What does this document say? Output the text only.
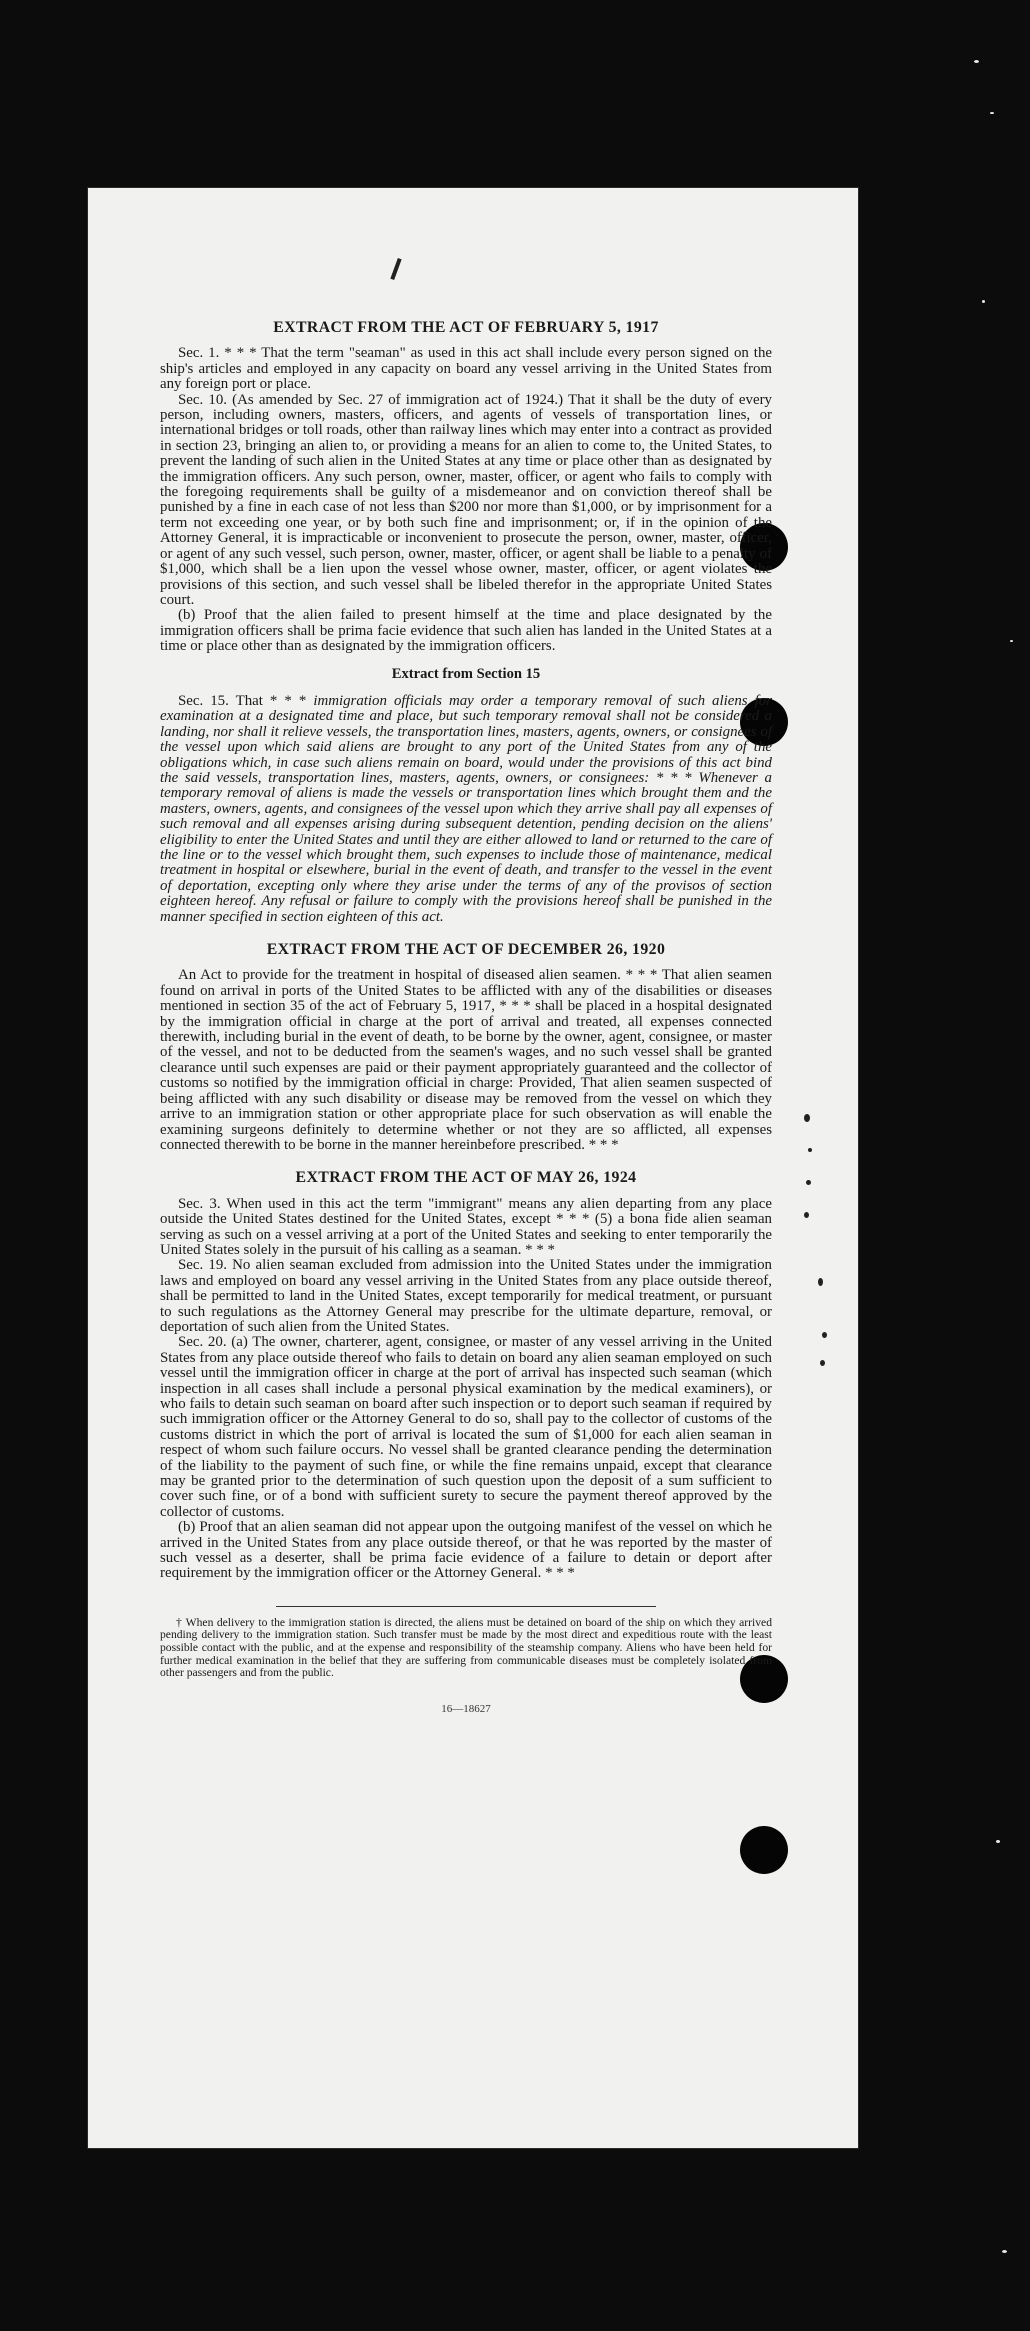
EXTRACT FROM THE ACT OF FEBRUARY 5, 1917

Sec. 1. * * * That the term "seaman" as used in this act shall include every person signed on the ship's articles and employed in any capacity on board any vessel arriving in the United States from any foreign port or place.

Sec. 10. (As amended by Sec. 27 of immigration act of 1924.) That it shall be the duty of every person, including owners, masters, officers, and agents of vessels of transportation lines, or international bridges or toll roads, other than railway lines which may enter into a contract as provided in section 23, bringing an alien to, or providing a means for an alien to come to, the United States, to prevent the landing of such alien in the United States at any time or place other than as designated by the immigration officers. Any such person, owner, master, officer, or agent who fails to comply with the foregoing requirements shall be guilty of a misdemeanor and on conviction thereof shall be punished by a fine in each case of not less than $200 nor more than $1,000, or by imprisonment for a term not exceeding one year, or by both such fine and imprisonment; or, if in the opinion of the Attorney General, it is impracticable or inconvenient to prosecute the person, owner, master, officer, or agent of any such vessel, such person, owner, master, officer, or agent shall be liable to a penalty of $1,000, which shall be a lien upon the vessel whose owner, master, officer, or agent violates the provisions of this section, and such vessel shall be libeled therefor in the appropriate United States court.

(b) Proof that the alien failed to present himself at the time and place designated by the immigration officers shall be prima facie evidence that such alien has landed in the United States at a time or place other than as designated by the immigration officers.

Extract from Section 15

Sec. 15. That * * * immigration officials may order a temporary removal of such aliens for examination at a designated time and place, but such temporary removal shall not be considered a landing, nor shall it relieve vessels, the transportation lines, masters, agents, owners, or consignees of the vessel upon which said aliens are brought to any port of the United States from any of the obligations which, in case such aliens remain on board, would under the provisions of this act bind the said vessels, transportation lines, masters, agents, owners, or consignees: * * * Whenever a temporary removal of aliens is made the vessels or transportation lines which brought them and the masters, owners, agents, and consignees of the vessel upon which they arrive shall pay all expenses of such removal and all expenses arising during subsequent detention, pending decision on the aliens' eligibility to enter the United States and until they are either allowed to land or returned to the care of the line or to the vessel which brought them, such expenses to include those of maintenance, medical treatment in hospital or elsewhere, burial in the event of death, and transfer to the vessel in the event of deportation, excepting only where they arise under the terms of any of the provisos of section eighteen hereof. Any refusal or failure to comply with the provisions hereof shall be punished in the manner specified in section eighteen of this act.

EXTRACT FROM THE ACT OF DECEMBER 26, 1920

An Act to provide for the treatment in hospital of diseased alien seamen. * * * That alien seamen found on arrival in ports of the United States to be afflicted with any of the disabilities or diseases mentioned in section 35 of the act of February 5, 1917, * * * shall be placed in a hospital designated by the immigration official in charge at the port of arrival and treated, all expenses connected therewith, including burial in the event of death, to be borne by the owner, agent, consignee, or master of the vessel, and not to be deducted from the seamen's wages, and no such vessel shall be granted clearance until such expenses are paid or their payment appropriately guaranteed and the collector of customs so notified by the immigration official in charge: Provided, That alien seamen suspected of being afflicted with any such disability or disease may be removed from the vessel on which they arrive to an immigration station or other appropriate place for such observation as will enable the examining surgeons definitely to determine whether or not they are so afflicted, all expenses connected therewith to be borne in the manner hereinbefore prescribed. * * *

EXTRACT FROM THE ACT OF MAY 26, 1924

Sec. 3. When used in this act the term "immigrant" means any alien departing from any place outside the United States destined for the United States, except * * * (5) a bona fide alien seaman serving as such on a vessel arriving at a port of the United States and seeking to enter temporarily the United States solely in the pursuit of his calling as a seaman. * * *

Sec. 19. No alien seaman excluded from admission into the United States under the immigration laws and employed on board any vessel arriving in the United States from any place outside thereof, shall be permitted to land in the United States, except temporarily for medical treatment, or pursuant to such regulations as the Attorney General may prescribe for the ultimate departure, removal, or deportation of such alien from the United States.

Sec. 20. (a) The owner, charterer, agent, consignee, or master of any vessel arriving in the United States from any place outside thereof who fails to detain on board any alien seaman employed on such vessel until the immigration officer in charge at the port of arrival has inspected such seaman (which inspection in all cases shall include a personal physical examination by the medical examiners), or who fails to detain such seaman on board after such inspection or to deport such seaman if required by such immigration officer or the Attorney General to do so, shall pay to the collector of customs of the customs district in which the port of arrival is located the sum of $1,000 for each alien seaman in respect of whom such failure occurs. No vessel shall be granted clearance pending the determination of the liability to the payment of such fine, or while the fine remains unpaid, except that clearance may be granted prior to the determination of such question upon the deposit of a sum sufficient to cover such fine, or of a bond with sufficient surety to secure the payment thereof approved by the collector of customs.

(b) Proof that an alien seaman did not appear upon the outgoing manifest of the vessel on which he arrived in the United States from any place outside thereof, or that he was reported by the master of such vessel as a deserter, shall be prima facie evidence of a failure to detain or deport after requirement by the immigration officer or the Attorney General. * * *

† When delivery to the immigration station is directed, the aliens must be detained on board of the ship on which they arrived pending delivery to the immigration station. Such transfer must be made by the most direct and expeditious route with the least possible contact with the public, and at the expense and responsibility of the steamship company. Aliens who have been held for further medical examination in the belief that they are suffering from communicable diseases must be completely isolated from other passengers and from the public.

16—18627
